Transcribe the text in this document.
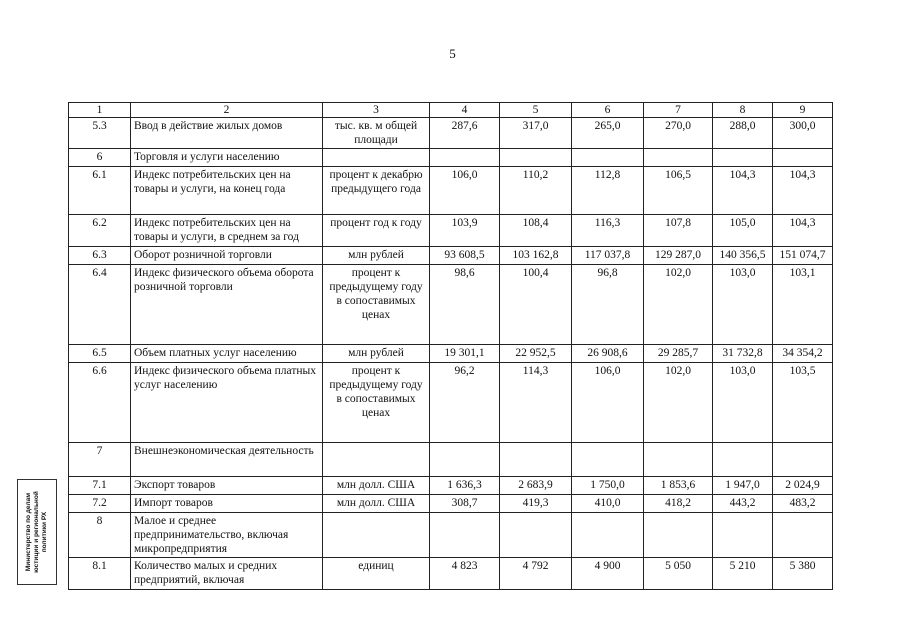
5
1	2	3	4	5	6	7	8	9
5.3	Ввод в действие жилых домов	тыс. кв. м общей площади	287,6	317,0	265,0	270,0	288,0	300,0
6	Торговля и услуги населению							
6.1	Индекс потребительских цен на товары и услуги, на конец года	процент к декабрю предыдущего года	106,0	110,2	112,8	106,5	104,3	104,3
6.2	Индекс потребительских цен на товары и услуги, в среднем за год	процент год к году	103,9	108,4	116,3	107,8	105,0	104,3
6.3	Оборот розничной торговли	млн рублей	93 608,5	103 162,8	117 037,8	129 287,0	140 356,5	151 074,7
6.4	Индекс физического объема оборота розничной торговли	процент к предыдущему году в сопоставимых ценах	98,6	100,4	96,8	102,0	103,0	103,1
6.5	Объем платных услуг населению	млн рублей	19 301,1	22 952,5	26 908,6	29 285,7	31 732,8	34 354,2
6.6	Индекс физического объема платных услуг населению	процент к предыдущему году в сопоставимых ценах	96,2	114,3	106,0	102,0	103,0	103,5
7	Внешнеэкономическая деятельность							
7.1	Экспорт товаров	млн долл. США	1 636,3	2 683,9	1 750,0	1 853,6	1 947,0	2 024,9
7.2	Импорт товаров	млн долл. США	308,7	419,3	410,0	418,2	443,2	483,2
8	Малое и среднее предпринимательство, включая микропредприятия							
8.1	Количество малых и средних предприятий, включая	единиц	4 823	4 792	4 900	5 050	5 210	5 380
Министерство по делам юстиции и региональной политики РХ
